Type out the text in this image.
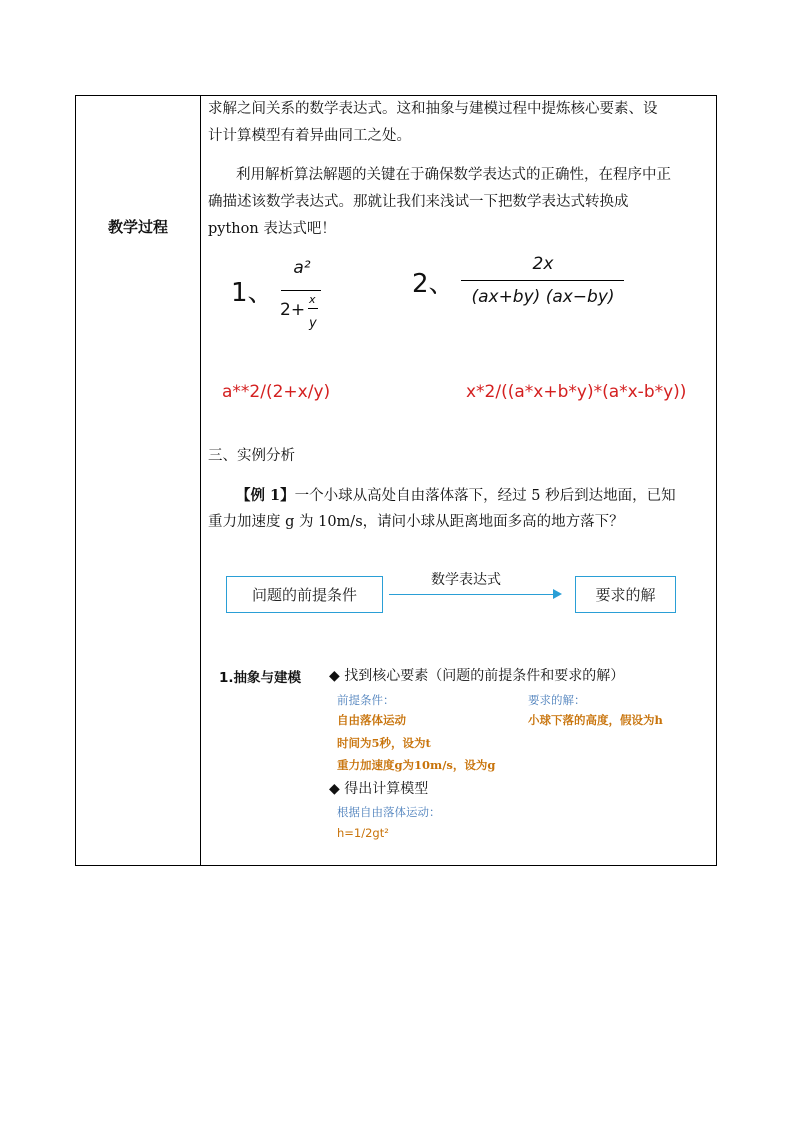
教学过程
求解之间关系的数学表达式。这和抽象与建模过程中提炼核心要素、设
计计算模型有着异曲同工之处。
利用解析算法解题的关键在于确保数学表达式的正确性，在程序中正
确描述该数学表达式。那就让我们来浅试一下把数学表达式转换成
python 表达式吧！
1、
a²
2+
x
y
2、
2x
(ax+by) (ax−by)
a**2/(2+x/y)	x*2/((a*x+b*y)*(a*x-b*y))
三、实例分析
【例 1】一个小球从高处自由落体落下，经过 5 秒后到达地面，已知
重力加速度 g 为 10m/s，请问小球从距离地面多高的地方落下？
问题的前提条件
数学表达式
要求的解
1.抽象与建模 ◆ 找到核心要素（问题的前提条件和要求的解）
前提条件：	要求的解：
自由落体运动	小球下落的高度，假设为h
时间为5秒，设为t
重力加速度g为10m/s，设为g
◆ 得出计算模型
根据自由落体运动：
h=1/2gt²
